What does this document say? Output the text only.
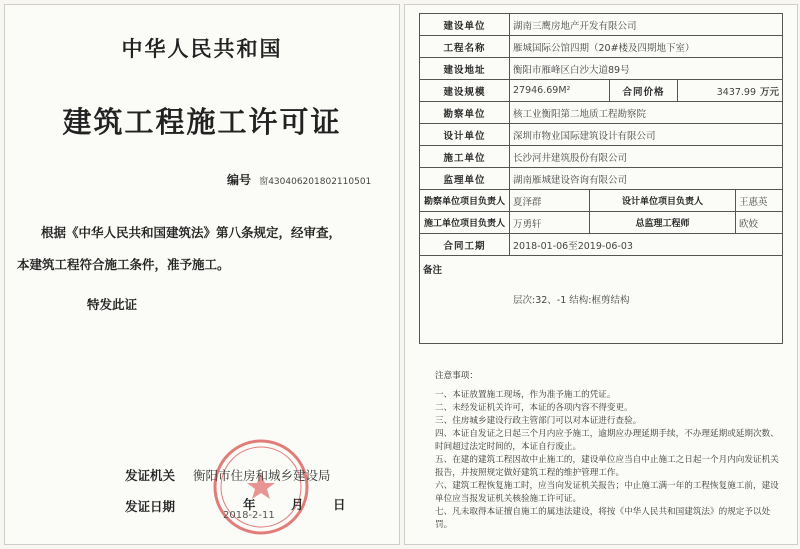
中华人民共和国
建筑工程施工许可证
编号 窗430406201802110501
根据《中华人民共和国建筑法》第八条规定，经审查，
本建筑工程符合施工条件，准予施工。
特发此证
发证机关 衡阳市住房和城乡建设局
发证日期	年	月 日
2018-2-11
建设单位	湖南三鹰房地产开发有限公司				
工程名称	雁城国际公馆四期（20#楼及四期地下室）				
建设地址	衡阳市雁峰区白沙大道89号				
建设规模	27946.69M²		合同价格	3437.99 万元	
勘察单位	核工业衡阳第二地质工程勘察院				
设计单位	深圳市物业国际建筑设计有限公司				
施工单位	长沙河井建筑股份有限公司				
监理单位	湖南雁城建设咨询有限公司				
勘察单位项目负责人	夏泽群	设计单位项目负责人			王惠英
施工单位项目负责人	万勇轩	总监理工程师			欧姣
合同工期	2018-01-06至2019-06-03				

备注
层次:32、-1 结构:框剪结构					
注意事项：
一、本证放置施工现场，作为准予施工的凭证。
二、未经发证机关许可，本证的各项内容不得变更。
三、住房城乡建设行政主管部门可以对本证进行查验。
四、本证自发证之日起三个月内应予施工，逾期应办理延期手续，不办理延期或延期次数、时间超过法定时间的，本证自行废止。
五、在建的建筑工程因故中止施工的，建设单位应当自中止施工之日起一个月内向发证机关报告，并按照规定做好建筑工程的维护管理工作。
六、建筑工程恢复施工时，应当向发证机关报告；中止施工满一年的工程恢复施工前，建设单位应当报发证机关核验施工许可证。
七、凡未取得本证擅自施工的属违法建设，将按《中华人民共和国建筑法》的规定予以处罚。
